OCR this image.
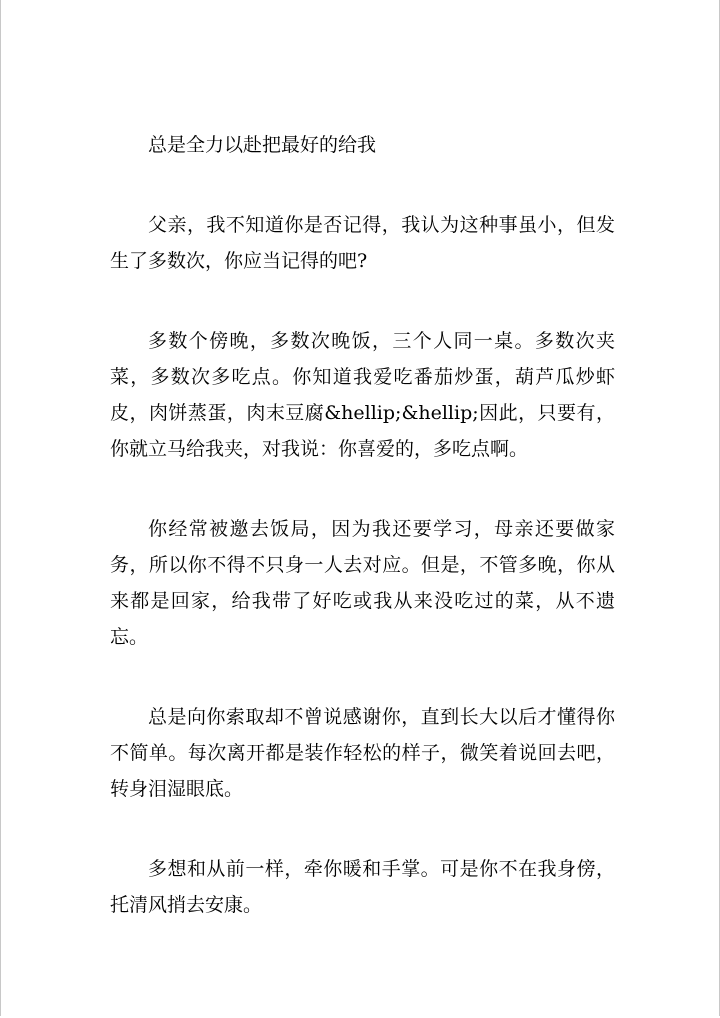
总是全力以赴把最好的给我

父亲，我不知道你是否记得，我认为这种事虽小，但发生了多数次，你应当记得的吧?

多数个傍晚，多数次晚饭，三个人同一桌。多数次夹菜，多数次多吃点。你知道我爱吃番茄炒蛋，葫芦瓜炒虾皮，肉饼蒸蛋，肉末豆腐&hellip;&hellip;因此，只要有，你就立马给我夹，对我说：你喜爱的，多吃点啊。

你经常被邀去饭局，因为我还要学习，母亲还要做家务，所以你不得不只身一人去对应。但是，不管多晚，你从来都是回家，给我带了好吃或我从来没吃过的菜，从不遗忘。

总是向你索取却不曾说感谢你，直到长大以后才懂得你不简单。每次离开都是装作轻松的样子，微笑着说回去吧，转身泪湿眼底。

多想和从前一样，牵你暖和手掌。可是你不在我身傍，托清风捎去安康。
